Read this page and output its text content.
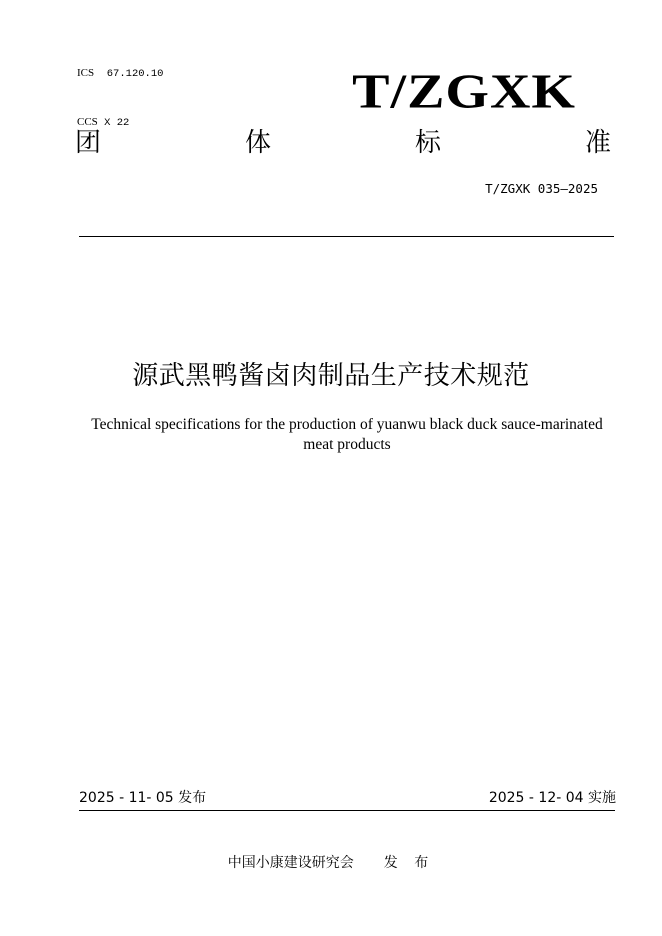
ICS 67.120.10

CCS X 22

T/ZGXK
团	体	标	准
T/ZGXK 035—2025
源武黑鸭酱卤肉制品生产技术规范
Technical specifications for the production of yuanwu black duck sauce-marinated meat products
2025 - 11- 05 发布	2025 - 12- 04 实施
中国小康建设研究会 发 布
